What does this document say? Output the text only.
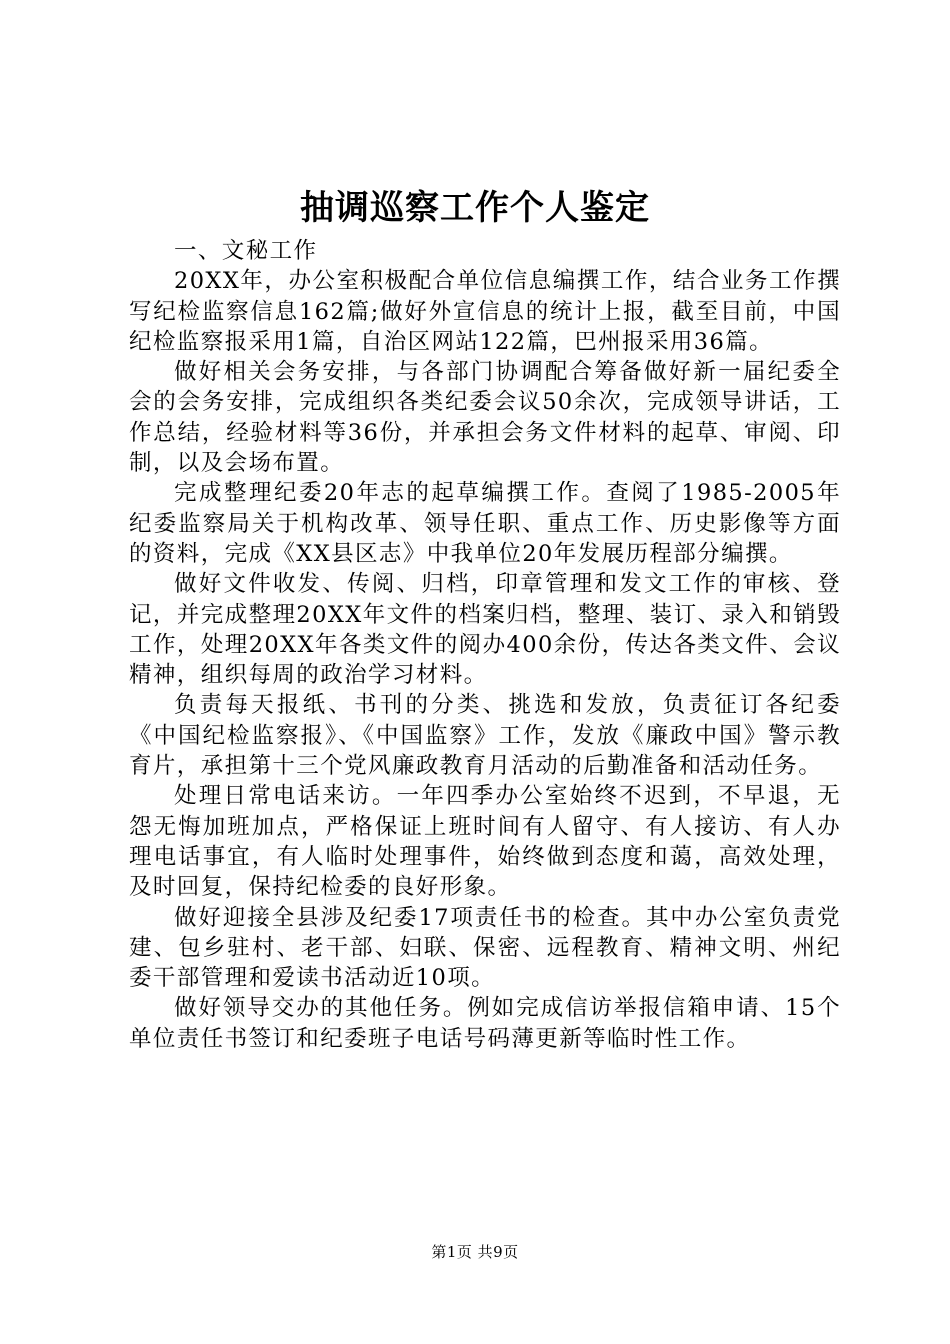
抽调巡察工作个人鉴定

一、文秘工作

20XX年，办公室积极配合单位信息编撰工作，结合业务工作撰写纪检监察信息162篇;做好外宣信息的统计上报，截至目前，中国纪检监察报采用1篇，自治区网站122篇，巴州报采用36篇。

做好相关会务安排，与各部门协调配合筹备做好新一届纪委全会的会务安排，完成组织各类纪委会议50余次，完成领导讲话，工作总结，经验材料等36份，并承担会务文件材料的起草、审阅、印制，以及会场布置。

完成整理纪委20年志的起草编撰工作。查阅了1985-2005年纪委监察局关于机构改革、领导任职、重点工作、历史影像等方面的资料，完成《XX县区志》中我单位20年发展历程部分编撰。

做好文件收发、传阅、归档，印章管理和发文工作的审核、登记，并完成整理20XX年文件的档案归档，整理、装订、录入和销毁工作，处理20XX年各类文件的阅办400余份，传达各类文件、会议精神，组织每周的政治学习材料。

负责每天报纸、书刊的分类、挑选和发放，负责征订各纪委《中国纪检监察报》、《中国监察》工作，发放《廉政中国》警示教育片，承担第十三个党风廉政教育月活动的后勤准备和活动任务。

处理日常电话来访。一年四季办公室始终不迟到，不早退，无怨无悔加班加点，严格保证上班时间有人留守、有人接访、有人办理电话事宜，有人临时处理事件，始终做到态度和蔼，高效处理，及时回复，保持纪检委的良好形象。

做好迎接全县涉及纪委17项责任书的检查。其中办公室负责党建、包乡驻村、老干部、妇联、保密、远程教育、精神文明、州纪委干部管理和爱读书活动近10项。

做好领导交办的其他任务。例如完成信访举报信箱申请、15个单位责任书签订和纪委班子电话号码薄更新等临时性工作。

第1页 共9页
